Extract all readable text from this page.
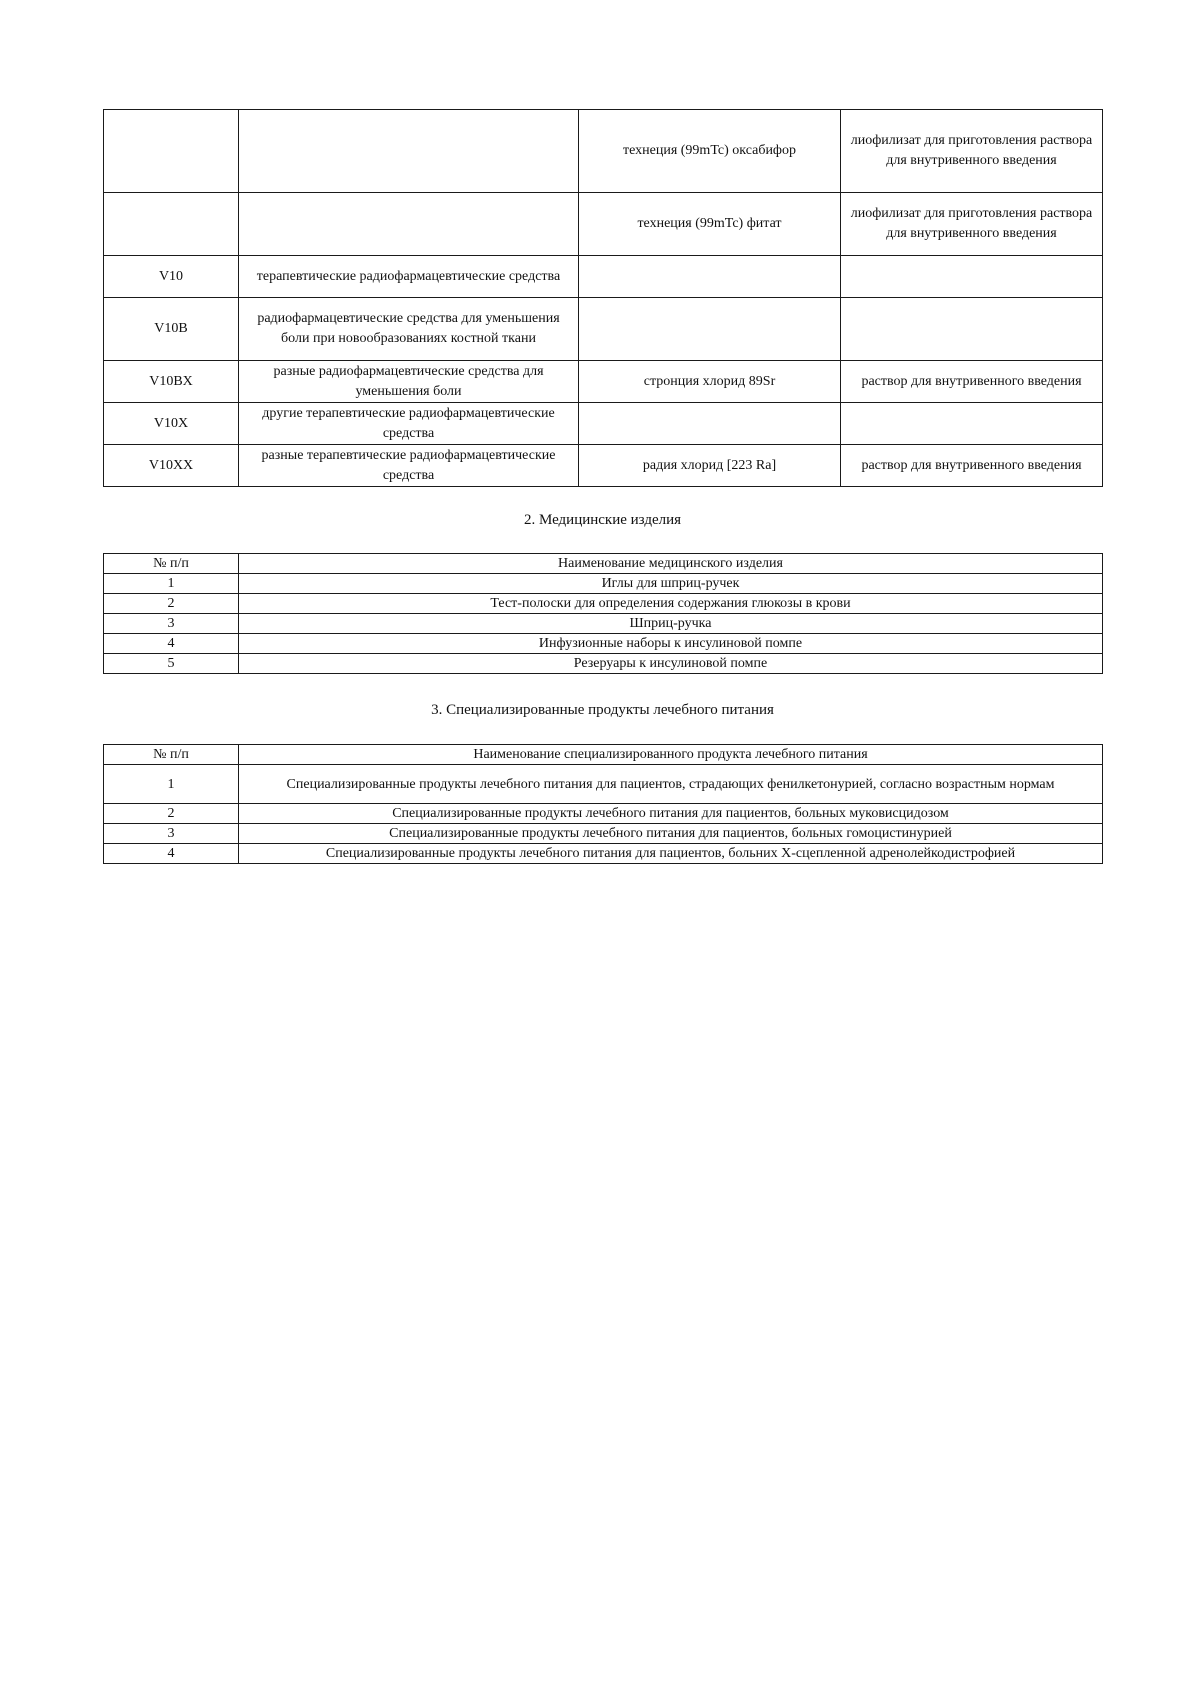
		технеция (99mTc) оксабифор	лиофилизат для приготовления раствора для внутривенного введения
		технеция (99mTc) фитат	лиофилизат для приготовления раствора для внутривенного введения
V10	терапевтические радиофармацевтические средства		
V10B	радиофармацевтические средства для уменьшения боли при новообразованиях костной ткани		
V10BX	разные радиофармацевтические средства для уменьшения боли	стронция хлорид 89Sr	раствор для внутривенного введения
V10X	другие терапевтические радиофармацевтические средства		
V10XX	разные терапевтические радиофармацевтические средства	радия хлорид [223 Ra]	раствор для внутривенного введения
2. Медицинские изделия
№ п/п	Наименование медицинского изделия
1	Иглы для шприц-ручек
2	Тест-полоски для определения содержания глюкозы в крови
3	Шприц-ручка
4	Инфузионные наборы к инсулиновой помпе
5	Резеруары к инсулиновой помпе
3. Специализированные продукты лечебного питания
№ п/п	Наименование специализированного продукта лечебного питания
1	Специализированные продукты лечебного питания для пациентов, страдающих фенилкетонурией, согласно возрастным нормам
2	Специализированные продукты лечебного питания для пациентов, больных муковисцидозом
3	Специализированные продукты лечебного питания для пациентов, больных гомоцистинурией
4	Специализированные продукты лечебного питания для пациентов, больних X-сцепленной адренолейкодистрофией
